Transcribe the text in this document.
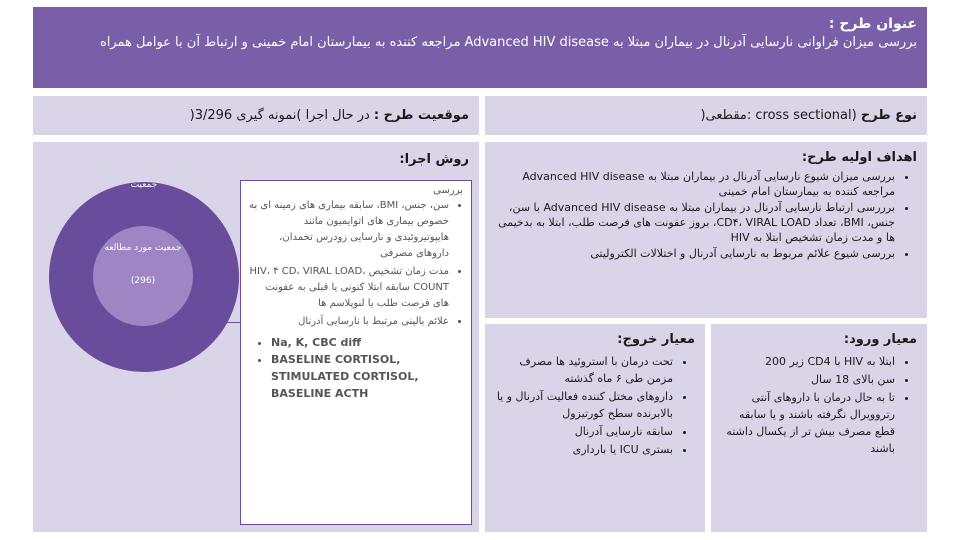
عنوان طرح :
بررسی میزان فراوانی نارسایی آدرنال در بیماران مبتلا به Advanced HIV disease مراجعه کننده به بیمارستان امام خمینی و ارتباط آن با عوامل همراه
موقعیت طرح : در حال اجرا )نمونه گیری 3/296(	نوع طرح (cross sectional :مقطعی(
روش اجرا:
جمعیت
جمعیت مورد مطالعه
(296)
بررسی
• سن، جنس، BMI، سابقه بیماری های زمینه ای به خصوص بیماری های اتوایمیون مانند هایپوتیروئیدی و نارسایی زودرس تخمدان، داروهای مصرفی
• مدت زمان تشخیص HIV، ۴ CD، VIRAL LOAD، COUNT سابقه ابتلا کنونی یا قبلی به عفونت های فرصت طلب یا لنوپلاسم ها
• علائم بالینی مرتبط با نارسایی آدرنال
• Na, K, CBC diff
• BASELINE CORTISOL, STIMULATED CORTISOL, BASELINE ACTH
اهداف اولیه طرح:
• بررسی میزان شیوع نارسایی آدرنال در بیماران مبتلا به Advanced HIV disease مراجعه کننده به بیمارستان امام خمینی
• برررسی ارتباط نارسایی آدرنال در بیماران مبتلا به Advanced HIV disease با سن، جنس، BMI، تعداد CD۴، VIRAL LOAD، بروز عفونت های فرصت طلب، ابتلا به بدخیمی ها و مدت زمان تشخیص ابتلا به HIV
• بررسی شیوع علائم مربوط به نارسایی آدرنال و اختلالات الکترولیتی
معیار خروج:
• تحت درمان با استروئید ها مصرف مزمن طی ۶ ماه گذشته
• داروهای مختل کننده فعالیت آدرنال و یا بالابرنده سطح کورتیزول
• سابقه نارسایی آدرنال
• بستری ICU یا بارداری
معیار ورود:
• ابتلا به HIV با CD4 زیر 200
• سن بالای 18 سال
• تا به حال درمان با داروهای آنتی رتروویرال نگرفته باشند و یا سابقه قطع مصرف بیش تر از یکسال داشته باشند
